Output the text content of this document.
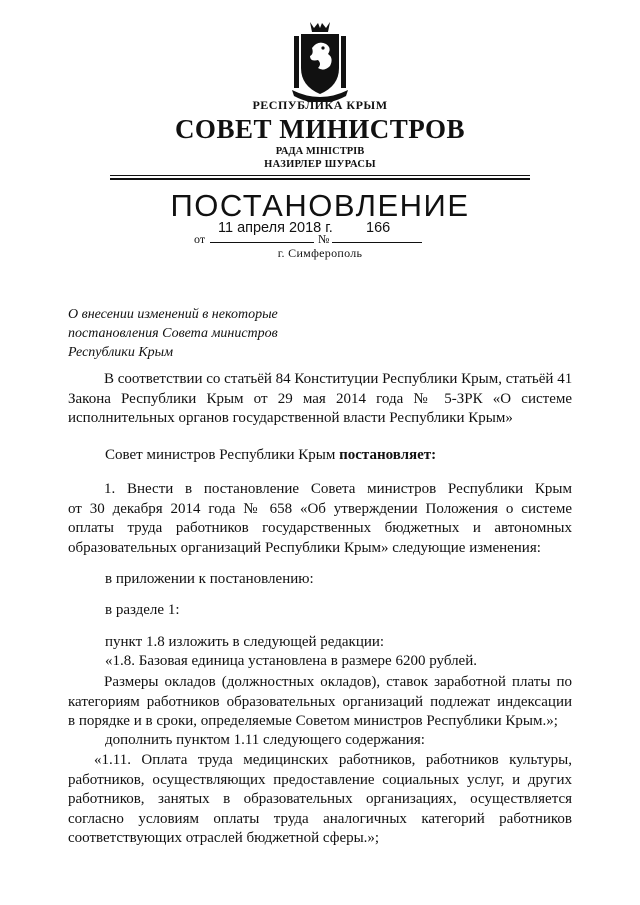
РЕСПУБЛИКА КРЫМ
СОВЕТ МИНИСТРОВ
РАДА МІНІСТРІВ
НАЗИРЛЕР ШУРАСЫ
ПОСТАНОВЛЕНИЕ
от
11 апреля 2018 г.
№
166
г. Симферополь
О внесении изменений в некоторые
постановления Совета министров
Республики Крым
В соответствии со статьёй 84 Конституции Республики Крым, статьёй 41
Закона Республики Крым от 29 мая 2014 года № 5-ЗРК «О системе
исполнительных органов государственной власти Республики Крым»
Совет министров Республики Крым постановляет:
1. Внести в постановление Совета министров Республики Крым
от 30 декабря 2014 года № 658 «Об утверждении Положения о системе
оплаты труда работников государственных бюджетных и автономных
образовательных организаций Республики Крым» следующие изменения:
в приложении к постановлению:
в разделе 1:
пункт 1.8 изложить в следующей редакции:
«1.8. Базовая единица установлена в размере 6200 рублей.
Размеры окладов (должностных окладов), ставок заработной платы по
категориям работников образовательных организаций подлежат индексации
в порядке и в сроки, определяемые Советом министров Республики Крым.»;
дополнить пунктом 1.11 следующего содержания:
«1.11. Оплата труда медицинских работников, работников культуры,
работников, осуществляющих предоставление социальных услуг, и других
работников, занятых в образовательных организациях, осуществляется
согласно условиям оплаты труда аналогичных категорий работников
соответствующих отраслей бюджетной сферы.»;
